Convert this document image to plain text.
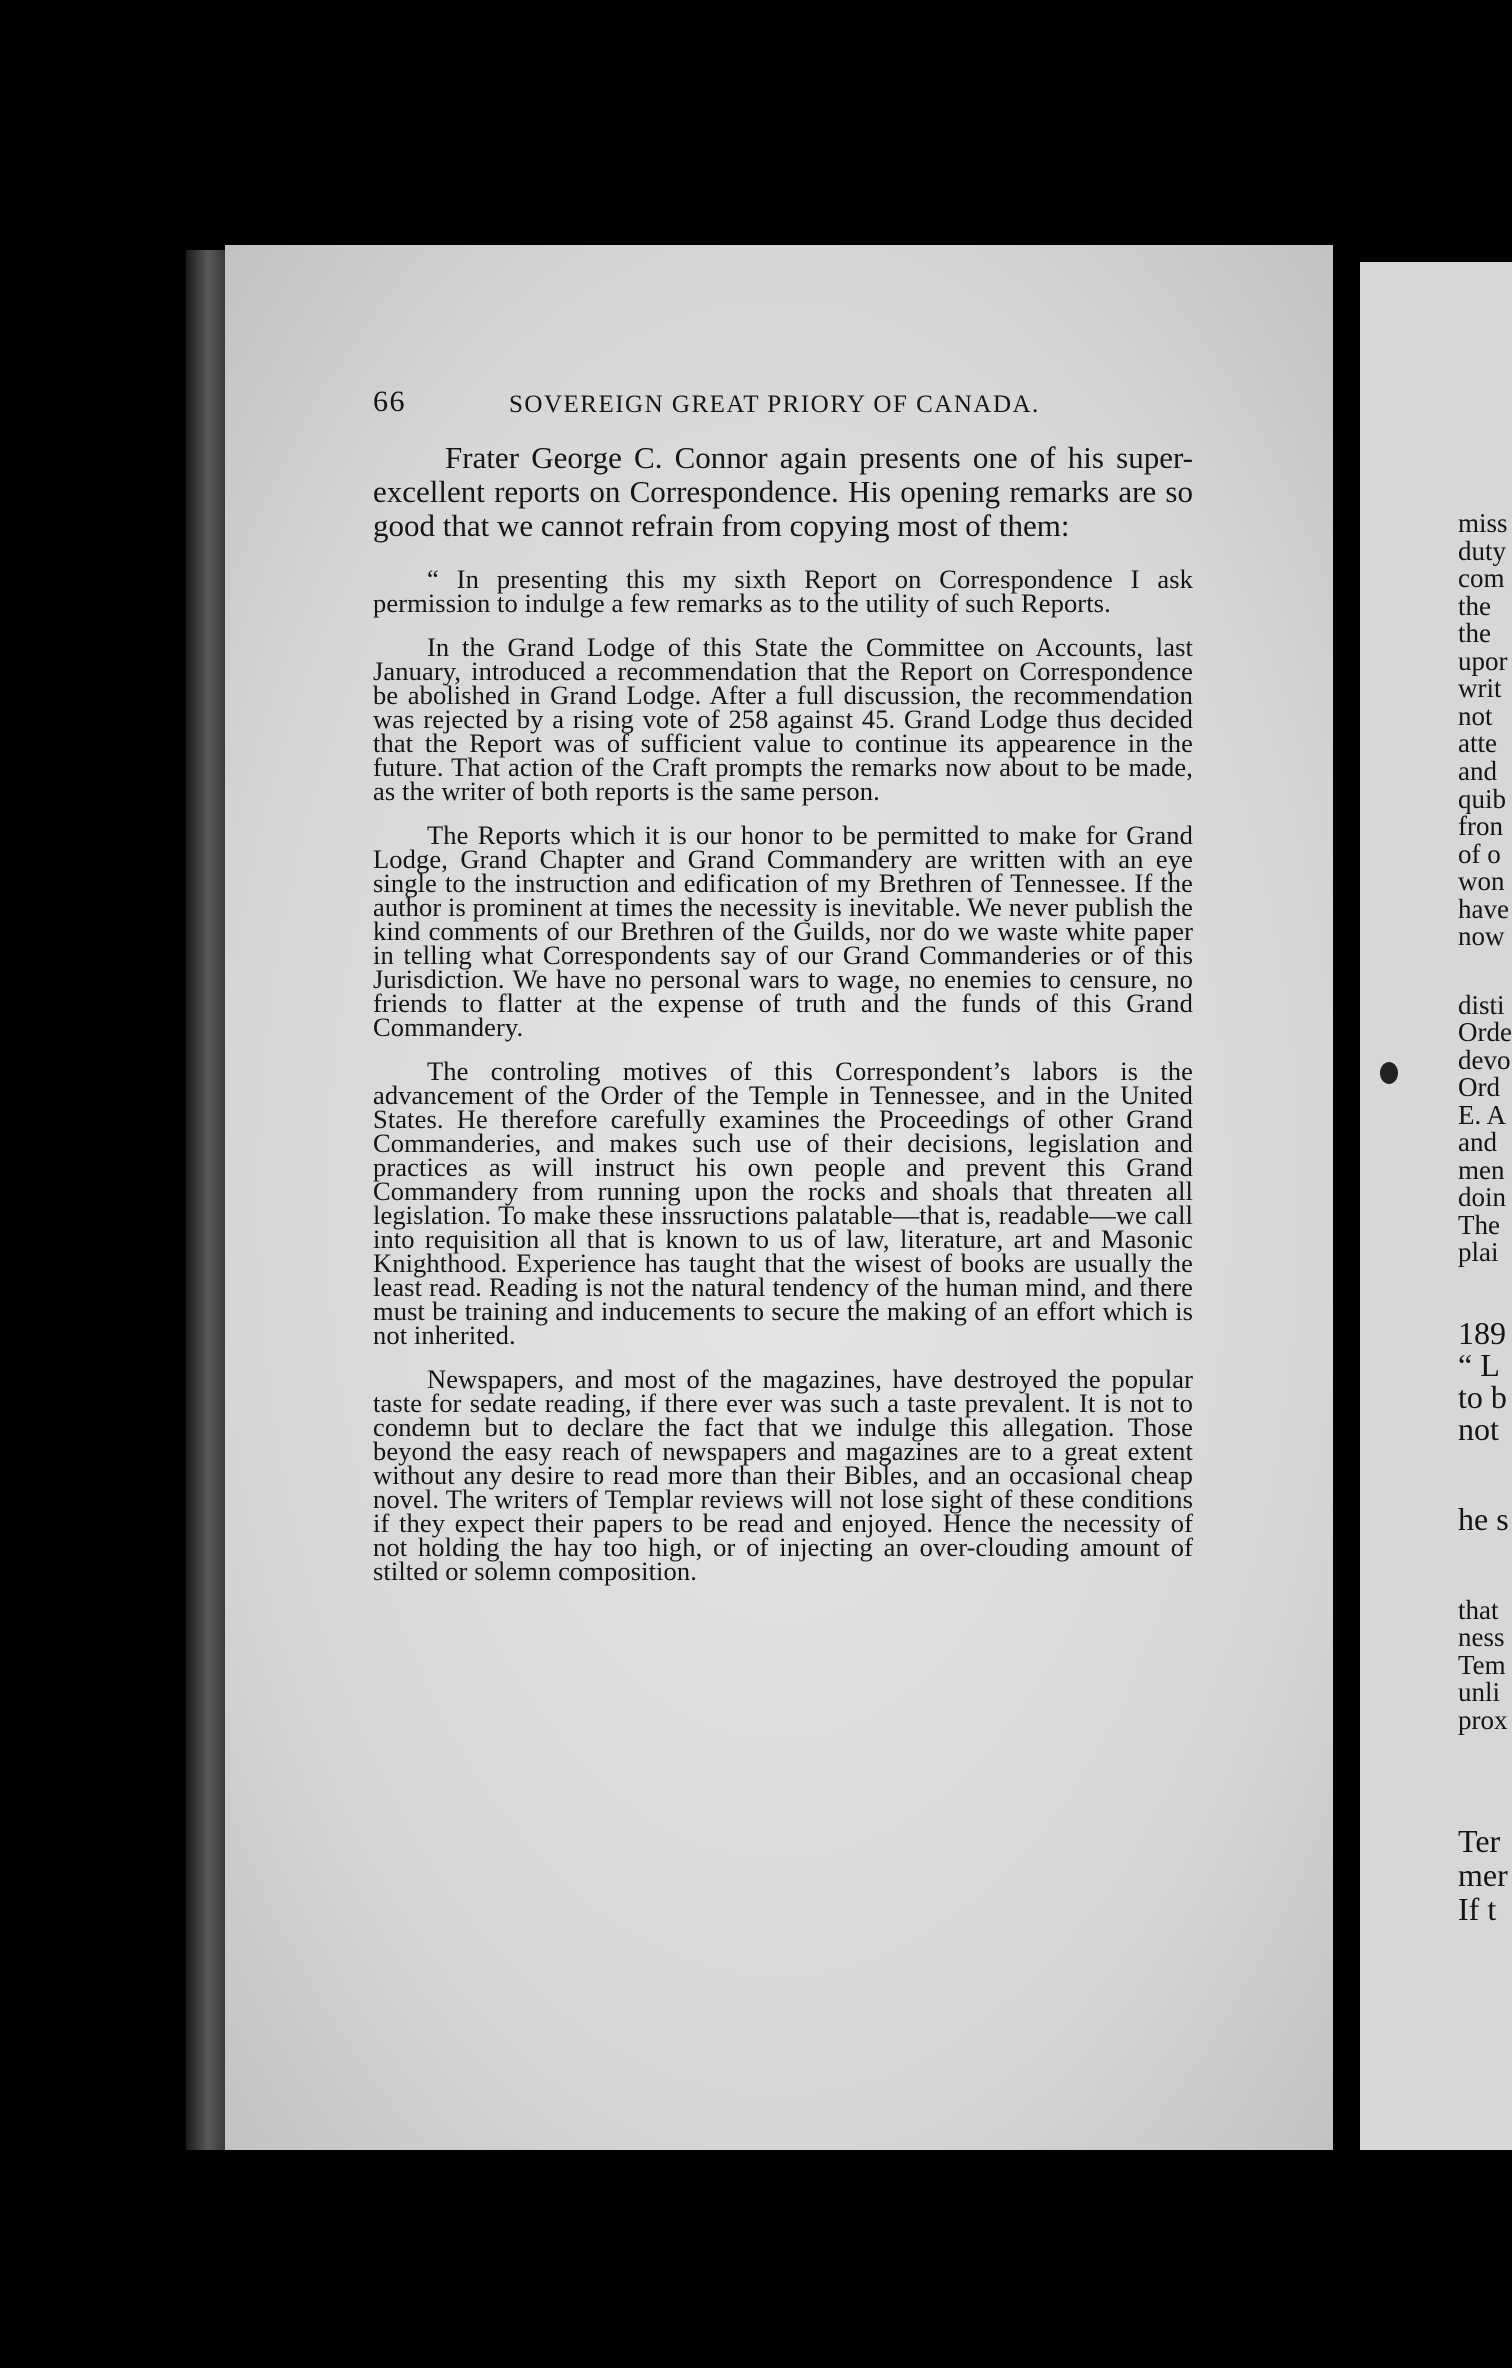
66	SOVEREIGN GREAT PRIORY OF CANADA.

Frater George C. Connor again presents one of his super-excellent reports on Correspondence. His opening remarks are so good that we cannot refrain from copying most of them:

“ In presenting this my sixth Report on Correspondence I ask permission to indulge a few remarks as to the utility of such Reports.

In the Grand Lodge of this State the Committee on Accounts, last January, introduced a recommendation that the Report on Correspondence be abolished in Grand Lodge. After a full discussion, the recommendation was rejected by a rising vote of 258 against 45. Grand Lodge thus decided that the Report was of sufficient value to continue its appearence in the future. That action of the Craft prompts the remarks now about to be made, as the writer of both reports is the same person.

The Reports which it is our honor to be permitted to make for Grand Lodge, Grand Chapter and Grand Commandery are written with an eye single to the instruction and edification of my Brethren of Tennessee. If the author is prominent at times the necessity is inevitable. We never publish the kind comments of our Brethren of the Guilds, nor do we waste white paper in telling what Correspondents say of our Grand Commanderies or of this Jurisdiction. We have no personal wars to wage, no enemies to censure, no friends to flatter at the expense of truth and the funds of this Grand Commandery.

The controling motives of this Correspondent’s labors is the advancement of the Order of the Temple in Tennessee, and in the United States. He therefore carefully examines the Proceedings of other Grand Commanderies, and makes such use of their decisions, legislation and practices as will instruct his own people and prevent this Grand Commandery from running upon the rocks and shoals that threaten all legislation. To make these inssructions palatable—that is, readable—we call into requisition all that is known to us of law, literature, art and Masonic Knighthood. Experience has taught that the wisest of books are usually the least read. Reading is not the natural tendency of the human mind, and there must be training and inducements to secure the making of an effort which is not inherited.

Newspapers, and most of the magazines, have destroyed the popular taste for sedate reading, if there ever was such a taste prevalent. It is not to condemn but to declare the fact that we indulge this allegation. Those beyond the easy reach of newspapers and magazines are to a great extent without any desire to read more than their Bibles, and an occasional cheap novel. The writers of Templar reviews will not lose sight of these conditions if they expect their papers to be read and enjoyed. Hence the necessity of not holding the hay too high, or of injecting an over-clouding amount of stilted or solemn composition.

miss
duty
com
the
the
upor
writ
not
atte
and
quib
fron
of o
won
have
now
disti
Orde
devo
Ord
E. A
and
men
doin
The
plai
189
“ L
to b
not
he s
that
ness
Tem
unli
prox
Ter
mer
If t
